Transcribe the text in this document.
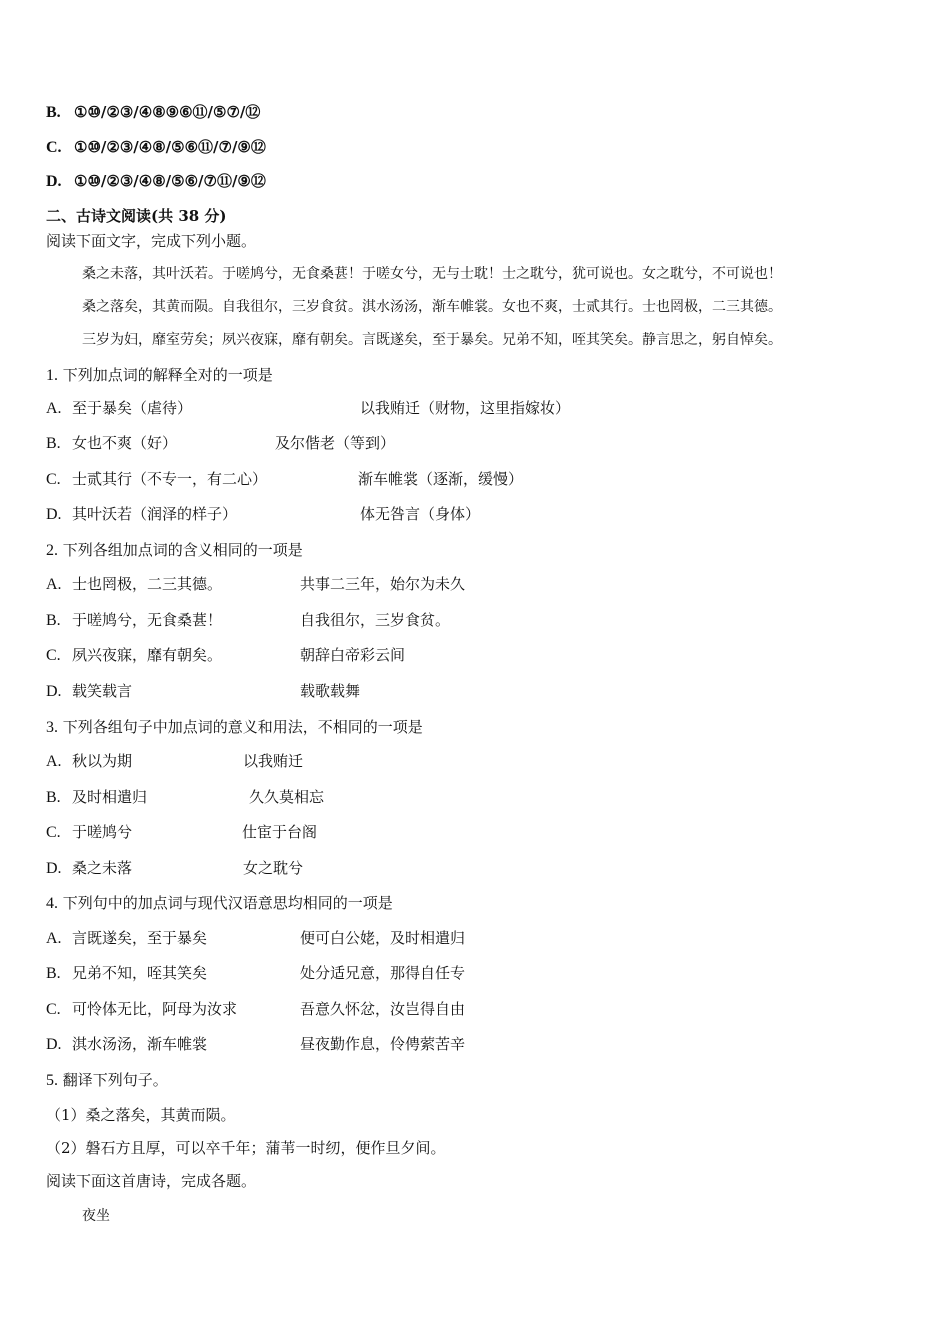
B. ①⑩/②③/④⑧⑨⑥⑪/⑤⑦/⑫
C. ①⑩/②③/④⑧/⑤⑥⑪/⑦/⑨⑫
D. ①⑩/②③/④⑧/⑤⑥/⑦⑪/⑨⑫
二、古诗文阅读(共 38 分)
阅读下面文字，完成下列小题。
桑之未落，其叶沃若。于嗟鸠兮，无食桑葚！于嗟女兮，无与士耽！士之耽兮，犹可说也。女之耽兮，不可说也！
桑之落矣，其黄而陨。自我徂尔，三岁食贫。淇水汤汤，渐车帷裳。女也不爽，士贰其行。士也罔极，二三其德。
三岁为妇，靡室劳矣；夙兴夜寐，靡有朝矣。言既遂矣，至于暴矣。兄弟不知，咥其笑矣。静言思之，躬自悼矣。
1. 下列加点词的解释全对的一项是
A. 至于暴矣（虐待）	以我贿迁（财物，这里指嫁妆）
B. 女也不爽（好）	及尔偕老（等到）
C. 士贰其行（不专一，有二心）	渐车帷裳（逐渐，缓慢）
D. 其叶沃若（润泽的样子）	体无咎言（身体）
2. 下列各组加点词的含义相同的一项是
A. 士也罔极，二三其德。	共事二三年，始尔为未久
B. 于嗟鸠兮，无食桑葚！	自我徂尔，三岁食贫。
C. 夙兴夜寐，靡有朝矣。	朝辞白帝彩云间
D. 载笑载言	载歌载舞
3. 下列各组句子中加点词的意义和用法，不相同的一项是
A. 秋以为期	以我贿迁
B. 及时相遣归	久久莫相忘
C. 于嗟鸠兮	仕宦于台阁
D. 桑之未落	女之耽兮
4. 下列句中的加点词与现代汉语意思均相同的一项是
A. 言既遂矣，至于暴矣	便可白公姥，及时相遣归
B. 兄弟不知，咥其笑矣	处分适兄意，那得自任专
C. 可怜体无比，阿母为汝求	吾意久怀忿，汝岂得自由
D. 淇水汤汤，渐车帷裳	昼夜勤作息，伶俜萦苦辛
5. 翻译下列句子。
（1）桑之落矣，其黄而陨。
（2）磐石方且厚，可以卒千年；蒲苇一时纫，便作旦夕间。
阅读下面这首唐诗，完成各题。
夜坐
